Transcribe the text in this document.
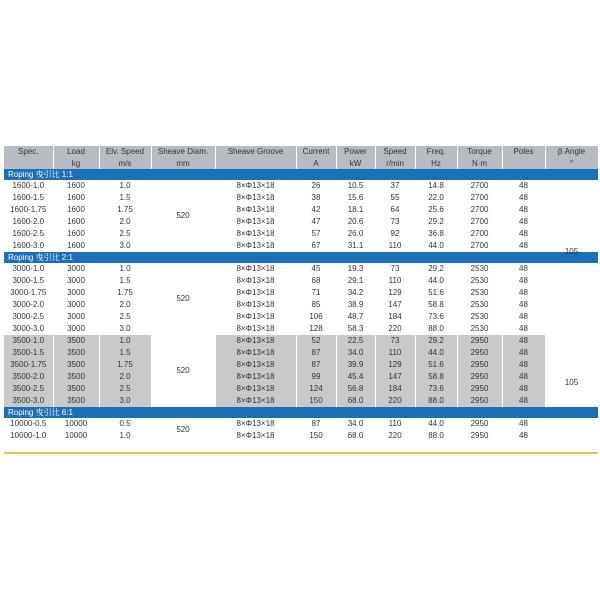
Spec.	Load	Elv. Speed	Sheave Diam.	Sheave Groove	Current	Power	Speed	Freq.	Torque	Poles	β Angle
	kg	m/s	mm		A	kW	r/min	Hz	N·m		°
Roping 曳引比 1:1											
1600-1.0	1600	1.0	520	8×Φ13×18	26	10.5	37	14.8	2700	48	105
1600-1.5	1600	1.5		8×Φ13×18	38	15.6	55	22.0	2700	48	
1600-1.75	1600	1.75		8×Φ13×18	42	18.1	64	25.6	2700	48	
1600-2.0	1600	2.0		8×Φ13×18	47	20.6	73	29.2	2700	48	
1600-2.5	1600	2.5		8×Φ13×18	57	26.0	92	36.8	2700	48	
1600-3.0	1600	3.0		8×Φ13×18	67	31.1	110	44.0	2700	48	
Roping 曳引比 2:1											
3000-1.0	3000	1.0	520	8×Φ13×18	45	19.3	73	29.2	2530	48	
3000-1.5	3000	1.5		8×Φ13×18	68	29.1	110	44.0	2530	48	
3000-1.75	3000	1.75		8×Φ13×18	71	34.2	129	51.6	2530	48	
3000-2.0	3000	2.0		8×Φ13×18	85	38.9	147	58.8	2530	48	
3000-2.5	3000	2.5		8×Φ13×18	106	48.7	184	73.6	2530	48	
3000-3.0	3000	3.0		8×Φ13×18	128	58.3	220	88.0	2530	48	105
3500-1.0	3500	1.0	520	8×Φ13×18	52	22.5	73	29.2	2950	48	
3500-1.5	3500	1.5		8×Φ13×18	87	34.0	110	44.0	2950	48	
3500-1.75	3500	1.75		8×Φ13×18	87	39.9	129	51.6	2950	48	
3500-2.0	3500	2.0		8×Φ13×18	99	45.4	147	58.8	2950	48	
3500-2.5	3500	2.5		8×Φ13×18	124	56.8	184	73.6	2950	48	
3500-3.0	3500	3.0		8×Φ13×18	150	68.0	220	88.0	2950	48	
Roping 曳引比 6:1											
10000-0.5	10000	0.5	520	8×Φ13×18	87	34.0	110	44.0	2950	48	
10000-1.0	10000	1.0		8×Φ13×18	150	68.0	220	88.0	2950	48	
